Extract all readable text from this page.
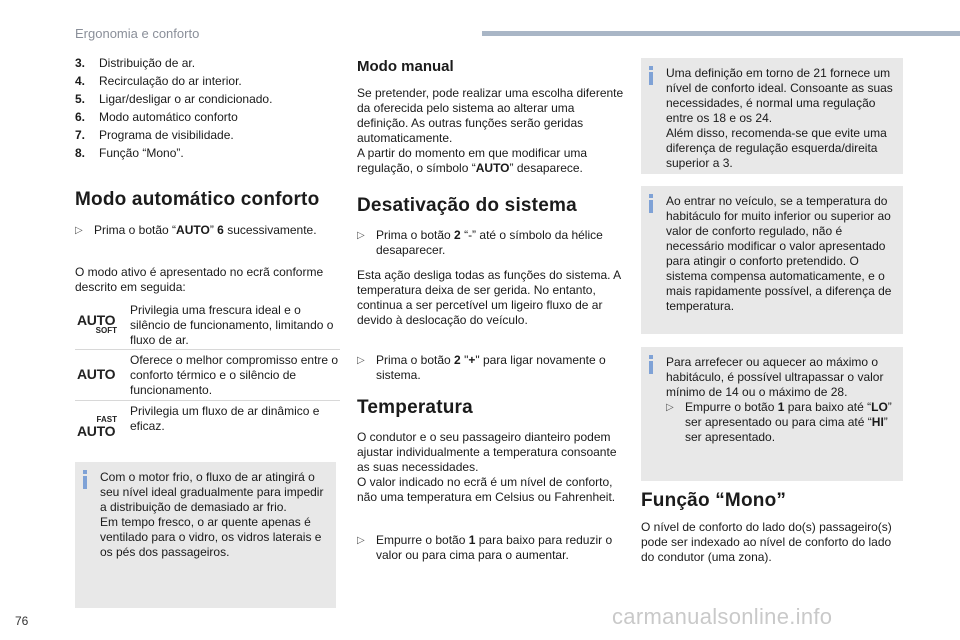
Ergonomia e conforto
3. Distribuição de ar.
4. Recirculação do ar interior.
5. Ligar/desligar o ar condicionado.
6. Modo automático conforto
7. Programa de visibilidade.
8. Função “Mono”.
Modo automático conforto
▷ Prima o botão “AUTO” 6 sucessivamente.
O modo ativo é apresentado no ecrã conforme descrito em seguida:
AUTO
SOFT
Privilegia uma frescura ideal e o silêncio de funcionamento, limitando o fluxo de ar.
AUTO
Oferece o melhor compromisso entre o conforto térmico e o silêncio de funcionamento.
FAST
AUTO
Privilegia um fluxo de ar dinâmico e eficaz.
Com o motor frio, o fluxo de ar atingirá o seu nível ideal gradualmente para impedir a distribuição de demasiado ar frio.
Em tempo fresco, o ar quente apenas é ventilado para o vidro, os vidros laterais e os pés dos passageiros.
Modo manual
Se pretender, pode realizar uma escolha diferente da oferecida pelo sistema ao alterar uma definição. As outras funções serão geridas automaticamente.
A partir do momento em que modificar uma regulação, o símbolo “AUTO” desaparece.
Desativação do sistema
▷ Prima o botão 2 “-” até o símbolo da hélice desaparecer.
Esta ação desliga todas as funções do sistema. A temperatura deixa de ser gerida. No entanto, continua a ser percetível um ligeiro fluxo de ar devido à deslocação do veículo.
▷ Prima o botão 2 "+" para ligar novamente o sistema.
Temperatura
O condutor e o seu passageiro dianteiro podem ajustar individualmente a temperatura consoante as suas necessidades.
O valor indicado no ecrã é um nível de conforto, não uma temperatura em Celsius ou Fahrenheit.
▷ Empurre o botão 1 para baixo para reduzir o valor ou para cima para o aumentar.
Uma definição em torno de 21 fornece um nível de conforto ideal. Consoante as suas necessidades, é normal uma regulação entre os 18 e os 24.
Além disso, recomenda-se que evite uma diferença de regulação esquerda/direita superior a 3.
Ao entrar no veículo, se a temperatura do habitáculo for muito inferior ou superior ao valor de conforto regulado, não é necessário modificar o valor apresentado para atingir o conforto pretendido. O sistema compensa automaticamente, e o mais rapidamente possível, a diferença de temperatura.
Para arrefecer ou aquecer ao máximo o habitáculo, é possível ultrapassar o valor mínimo de 14 ou o máximo de 28.
▷ Empurre o botão 1 para baixo até “LO” ser apresentado ou para cima até “HI” ser apresentado.
Função “Mono”
O nível de conforto do lado do(s) passageiro(s) pode ser indexado ao nível de conforto do lado do condutor (uma zona).
76	carmanualsonline.info
